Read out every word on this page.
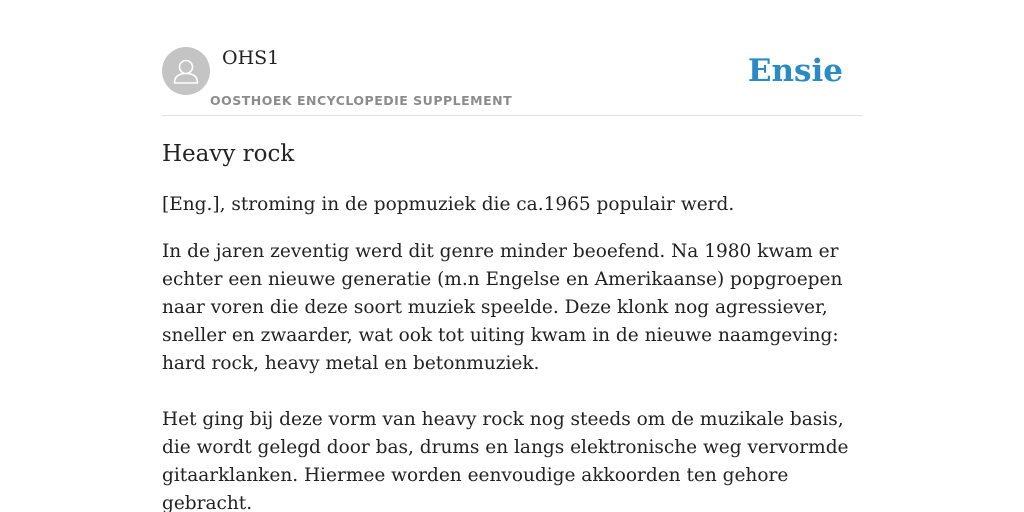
OHS1
OOSTHOEK ENCYCLOPEDIE SUPPLEMENT
Ensie
Heavy rock

[Eng.], stroming in de popmuziek die ca.1965 populair werd.

In de jaren zeventig werd dit genre minder beoefend. Na 1980 kwam er echter een nieuwe generatie (m.n Engelse en Amerikaanse) popgroepen naar voren die deze soort muziek speelde. Deze klonk nog agressiever, sneller en zwaarder, wat ook tot uiting kwam in de nieuwe naamgeving: hard rock, heavy metal en betonmuziek.

Het ging bij deze vorm van heavy rock nog steeds om de muzikale basis, die wordt gelegd door bas, drums en langs elektronische weg vervormde gitaarklanken. Hiermee worden eenvoudige akkoorden ten gehore gebracht.
